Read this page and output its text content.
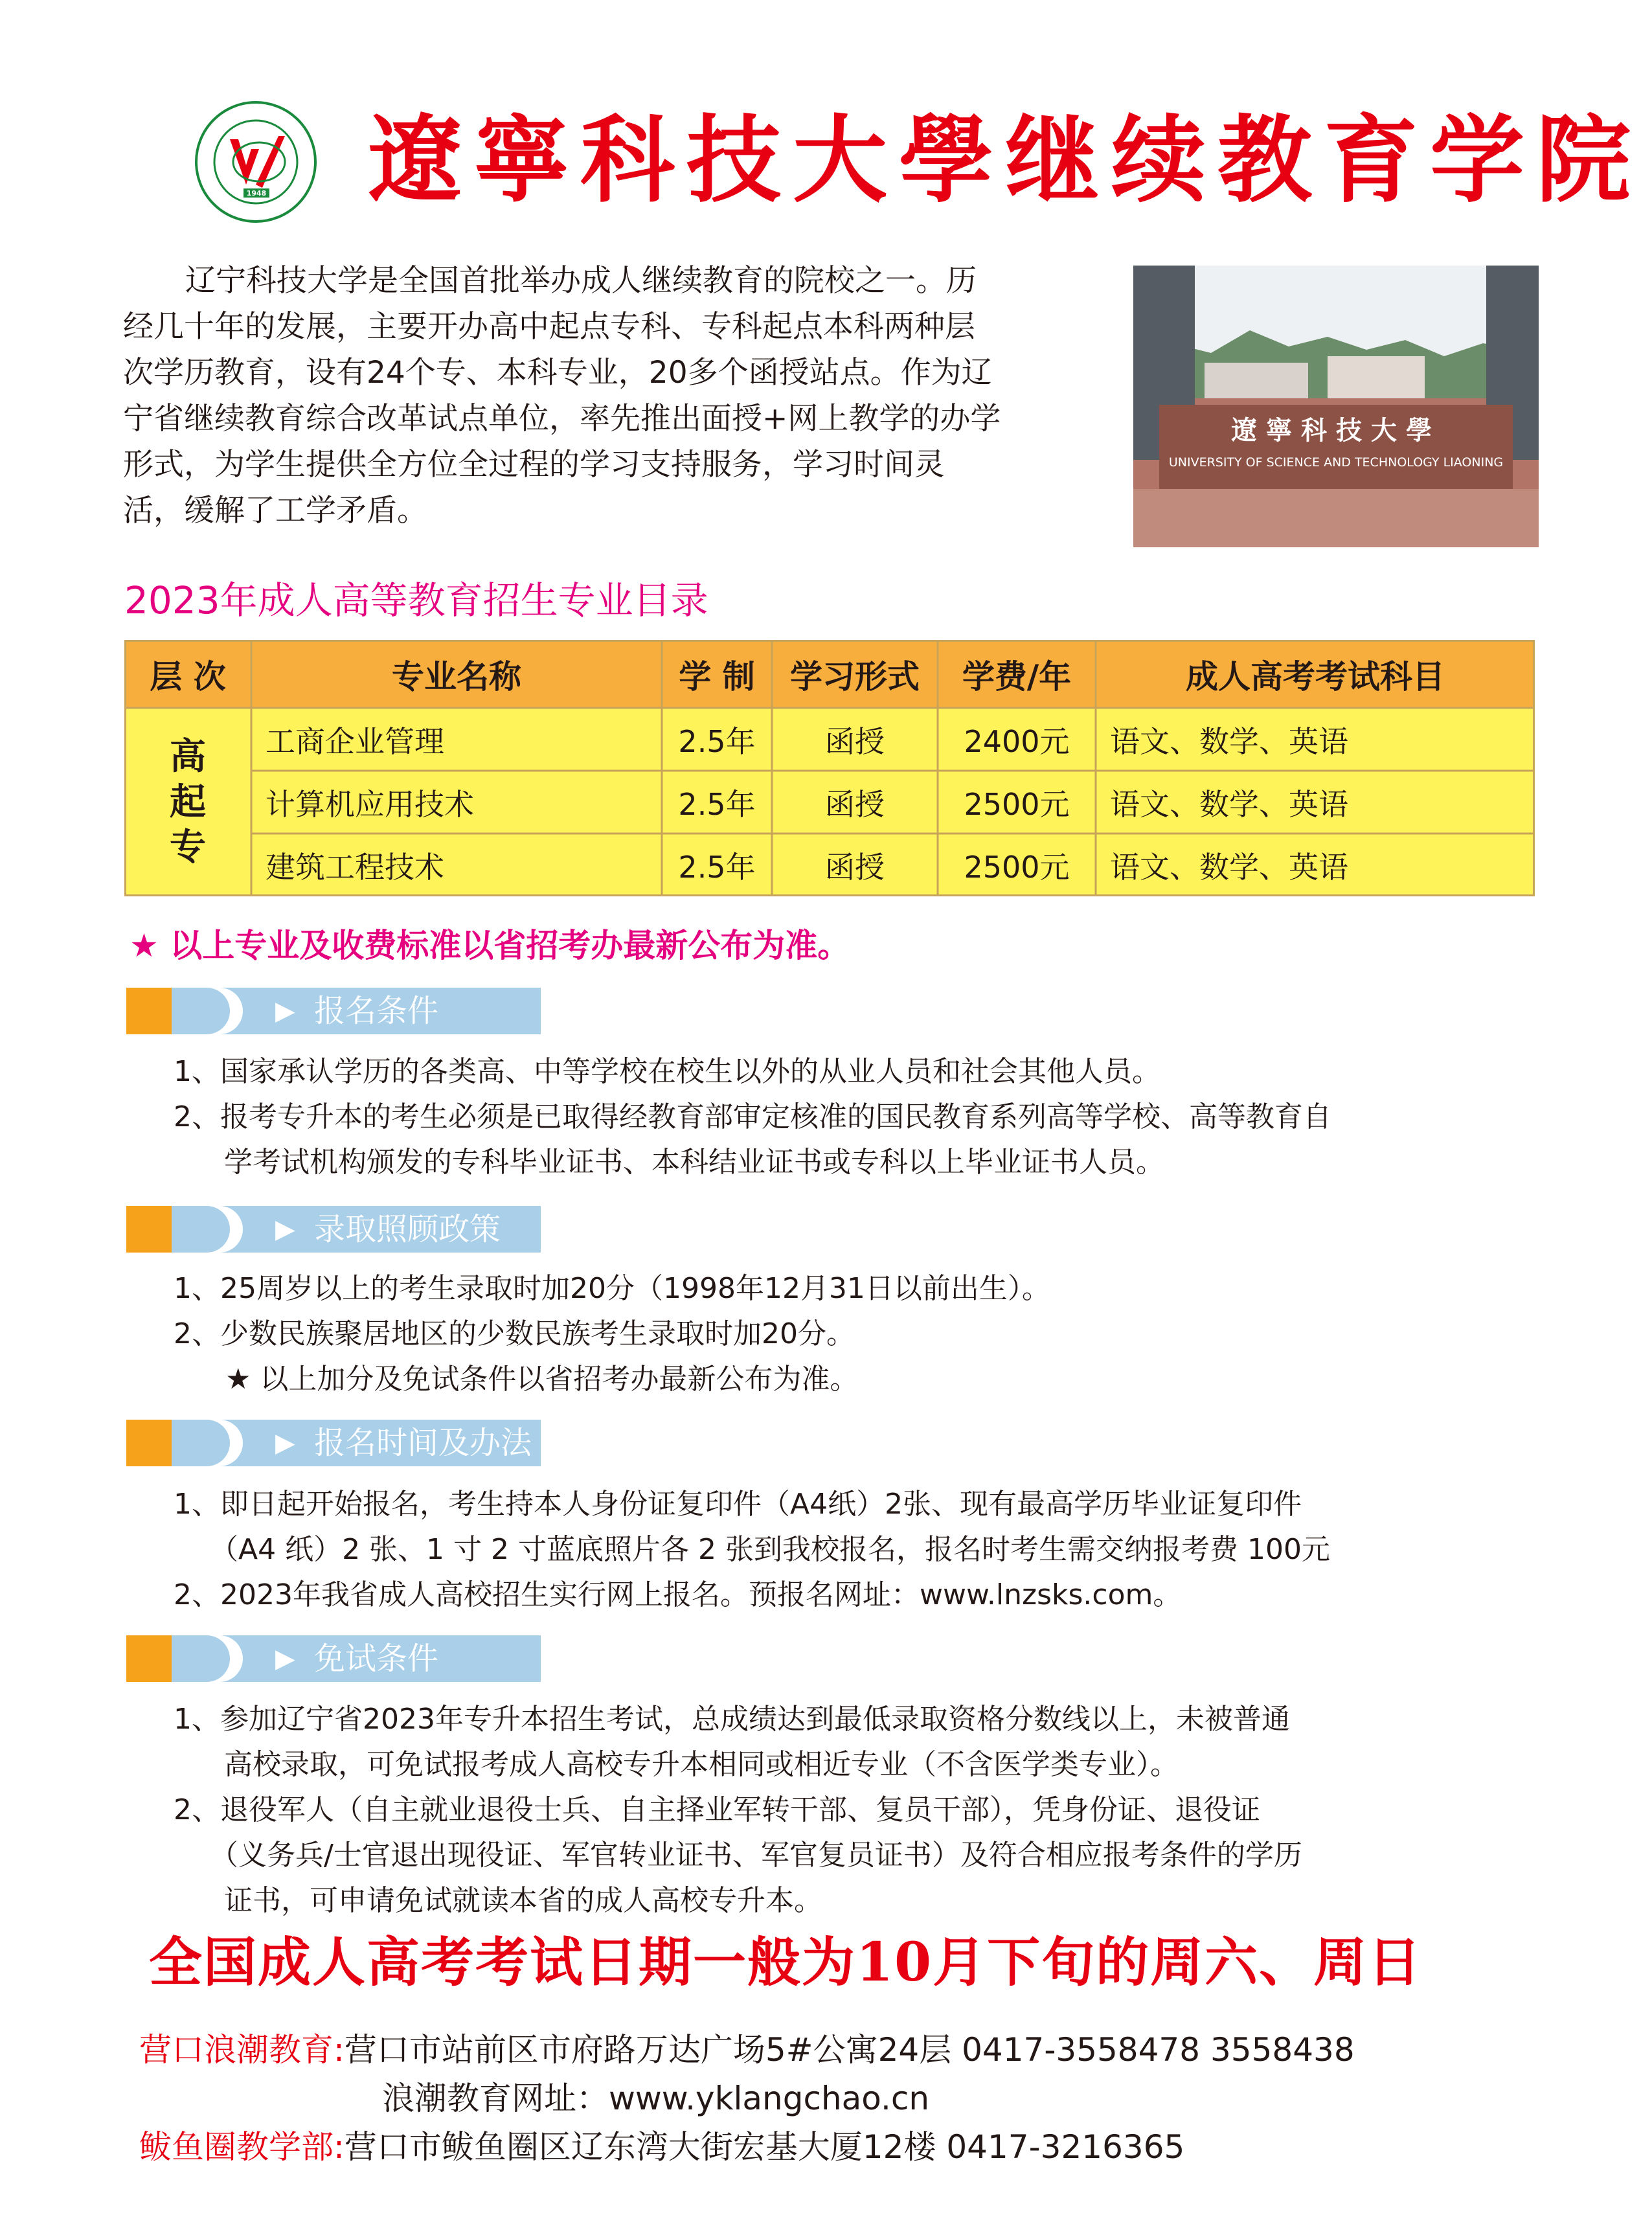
1948 遼寧科技大學继续教育学院
辽宁科技大学是全国首批举办成人继续教育的院校之一。历
经几十年的发展，主要开办高中起点专科、专科起点本科两种层
次学历教育，设有24个专、本科专业，20多个函授站点。作为辽
宁省继续教育综合改革试点单位，率先推出面授+网上教学的办学
形式，为学生提供全方位全过程的学习支持服务，学习时间灵
活，缓解了工学矛盾。
遼寧科技大學
UNIVERSITY OF SCIENCE AND TECHNOLOGY LIAONING
2023年成人高等教育招生专业目录
层 次	专业名称	学 制	学习形式	学费/年	成人高考考试科目
高起专
工商企业管理	2.5年	函授	2400元	语文、数学、英语
计算机应用技术	2.5年	函授	2500元	语文、数学、英语
建筑工程技术	2.5年	函授	2500元	语文、数学、英语
★ 以上专业及收费标准以省招考办最新公布为准。
▶ 报名条件
1、国家承认学历的各类高、中等学校在校生以外的从业人员和社会其他人员。
2、报考专升本的考生必须是已取得经教育部审定核准的国民教育系列高等学校、高等教育自
学考试机构颁发的专科毕业证书、本科结业证书或专科以上毕业证书人员。
▶ 录取照顾政策
1、25周岁以上的考生录取时加20分（1998年12月31日以前出生）。
2、少数民族聚居地区的少数民族考生录取时加20分。
★ 以上加分及免试条件以省招考办最新公布为准。
▶ 报名时间及办法
1、即日起开始报名，考生持本人身份证复印件（A4纸）2张、现有最高学历毕业证复印件
（A4 纸）2 张、1 寸 2 寸蓝底照片各 2 张到我校报名，报名时考生需交纳报考费 100元
2、2023年我省成人高校招生实行网上报名。预报名网址：www.lnzsks.com。
▶ 免试条件
1、参加辽宁省2023年专升本招生考试，总成绩达到最低录取资格分数线以上，未被普通
高校录取，可免试报考成人高校专升本相同或相近专业（不含医学类专业）。
2、退役军人（自主就业退役士兵、自主择业军转干部、复员干部），凭身份证、退役证
（义务兵/士官退出现役证、军官转业证书、军官复员证书）及符合相应报考条件的学历
证书，可申请免试就读本省的成人高校专升本。
全国成人高考考试日期一般为10月下旬的周六、周日
营口浪潮教育:营口市站前区市府路万达广场5#公寓24层 0417-3558478 3558438
浪潮教育网址：www.yklangchao.cn
鲅鱼圈教学部:营口市鲅鱼圈区辽东湾大街宏基大厦12楼 0417-3216365
